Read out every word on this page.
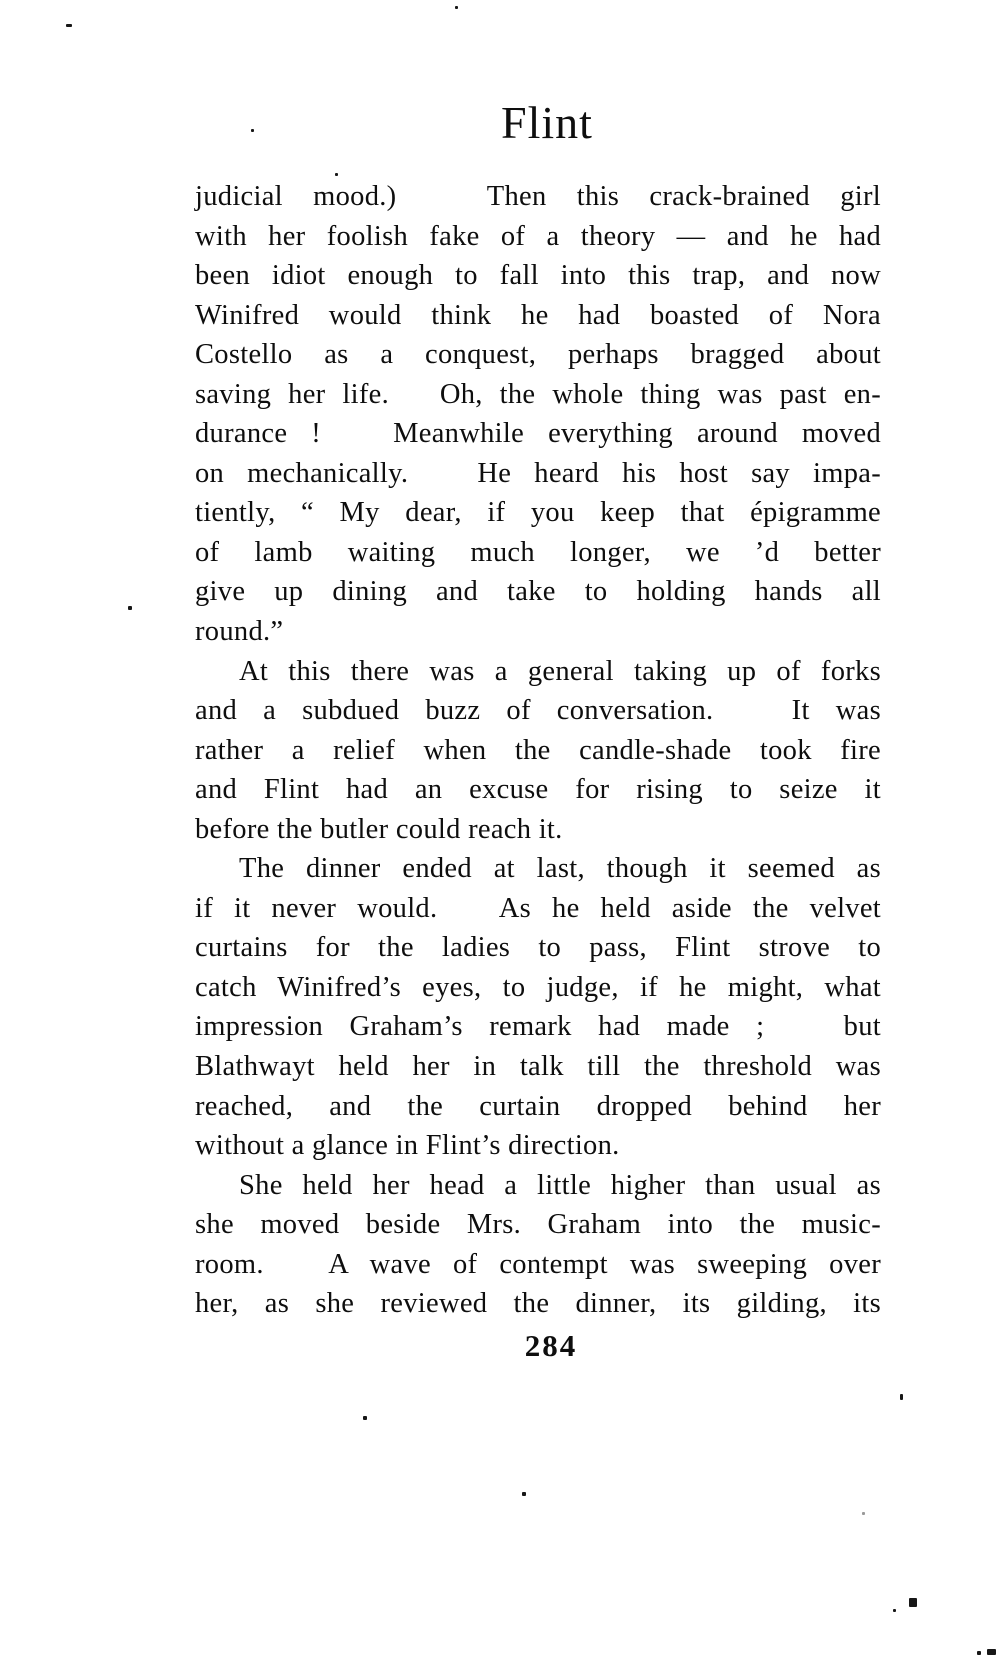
Flint
judicial mood.)   Then this crack-brained girl
with her foolish fake of a theory — and he had
been idiot enough to fall into this trap, and now
Winifred would think he had boasted of Nora
Costello as a conquest, perhaps bragged about
saving her life.   Oh, the whole thing was past en-
durance !   Meanwhile everything around moved
on mechanically.   He heard his host say impa-
tiently, “ My dear, if you keep that épigramme
of lamb waiting much longer, we ’d better
give up dining and take to holding hands all
round.”
At this there was a general taking up of forks
and a subdued buzz of conversation.   It was
rather a relief when the candle-shade took fire
and Flint had an excuse for rising to seize it
before the butler could reach it.
The dinner ended at last, though it seemed as
if it never would.   As he held aside the velvet
curtains for the ladies to pass, Flint strove to
catch Winifred’s eyes, to judge, if he might, what
impression Graham’s remark had made ;   but
Blathwayt held her in talk till the threshold was
reached, and the curtain dropped behind her
without a glance in Flint’s direction.
She held her head a little higher than usual as
she moved beside Mrs. Graham into the music-
room.   A wave of contempt was sweeping over
her, as she reviewed the dinner, its gilding, its
284
